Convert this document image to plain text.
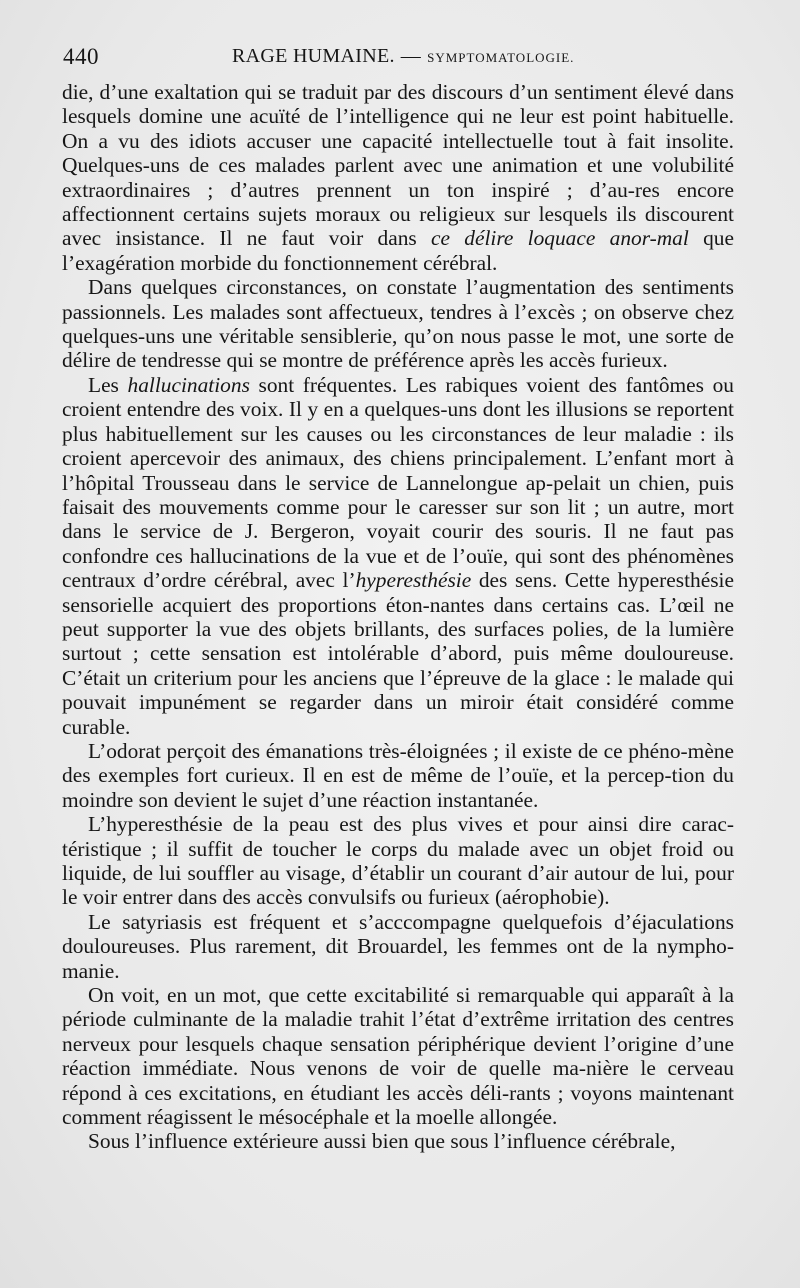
440	RAGE HUMAINE. — SYMPTOMATOLOGIE.

die, d’une exaltation qui se traduit par des discours d’un sentiment élevé dans lesquels domine une acuïté de l’intelligence qui ne leur est point habituelle. On a vu des idiots accuser une capacité intellectuelle tout à fait insolite. Quelques-uns de ces malades parlent avec une animation et une volubilité extraordinaires ; d’autres prennent un ton inspiré ; d’au-res encore affectionnent certains sujets moraux ou religieux sur lesquels ils discourent avec insistance. Il ne faut voir dans ce délire loquace anor-mal que l’exagération morbide du fonctionnement cérébral.

Dans quelques circonstances, on constate l’augmentation des sentiments passionnels. Les malades sont affectueux, tendres à l’excès ; on observe chez quelques-uns une véritable sensiblerie, qu’on nous passe le mot, une sorte de délire de tendresse qui se montre de préférence après les accès furieux.

Les hallucinations sont fréquentes. Les rabiques voient des fantômes ou croient entendre des voix. Il y en a quelques-uns dont les illusions se reportent plus habituellement sur les causes ou les circonstances de leur maladie : ils croient apercevoir des animaux, des chiens principalement. L’enfant mort à l’hôpital Trousseau dans le service de Lannelongue ap-pelait un chien, puis faisait des mouvements comme pour le caresser sur son lit ; un autre, mort dans le service de J. Bergeron, voyait courir des souris. Il ne faut pas confondre ces hallucinations de la vue et de l’ouïe, qui sont des phénomènes centraux d’ordre cérébral, avec l’hyperesthésie des sens. Cette hyperesthésie sensorielle acquiert des proportions éton-nantes dans certains cas. L’œil ne peut supporter la vue des objets brillants, des surfaces polies, de la lumière surtout ; cette sensation est intolérable d’abord, puis même douloureuse. C’était un criterium pour les anciens que l’épreuve de la glace : le malade qui pouvait impunément se regarder dans un miroir était considéré comme curable.

L’odorat perçoit des émanations très-éloignées ; il existe de ce phéno-mène des exemples fort curieux. Il en est de même de l’ouïe, et la percep-tion du moindre son devient le sujet d’une réaction instantanée.

L’hyperesthésie de la peau est des plus vives et pour ainsi dire carac-téristique ; il suffit de toucher le corps du malade avec un objet froid ou liquide, de lui souffler au visage, d’établir un courant d’air autour de lui, pour le voir entrer dans des accès convulsifs ou furieux (aérophobie).

Le satyriasis est fréquent et s’acccompagne quelquefois d’éjaculations douloureuses. Plus rarement, dit Brouardel, les femmes ont de la nympho-manie.

On voit, en un mot, que cette excitabilité si remarquable qui apparaît à la période culminante de la maladie trahit l’état d’extrême irritation des centres nerveux pour lesquels chaque sensation périphérique devient l’origine d’une réaction immédiate. Nous venons de voir de quelle ma-nière le cerveau répond à ces excitations, en étudiant les accès déli-rants ; voyons maintenant comment réagissent le mésocéphale et la moelle allongée.

Sous l’influence extérieure aussi bien que sous l’influence cérébrale,
